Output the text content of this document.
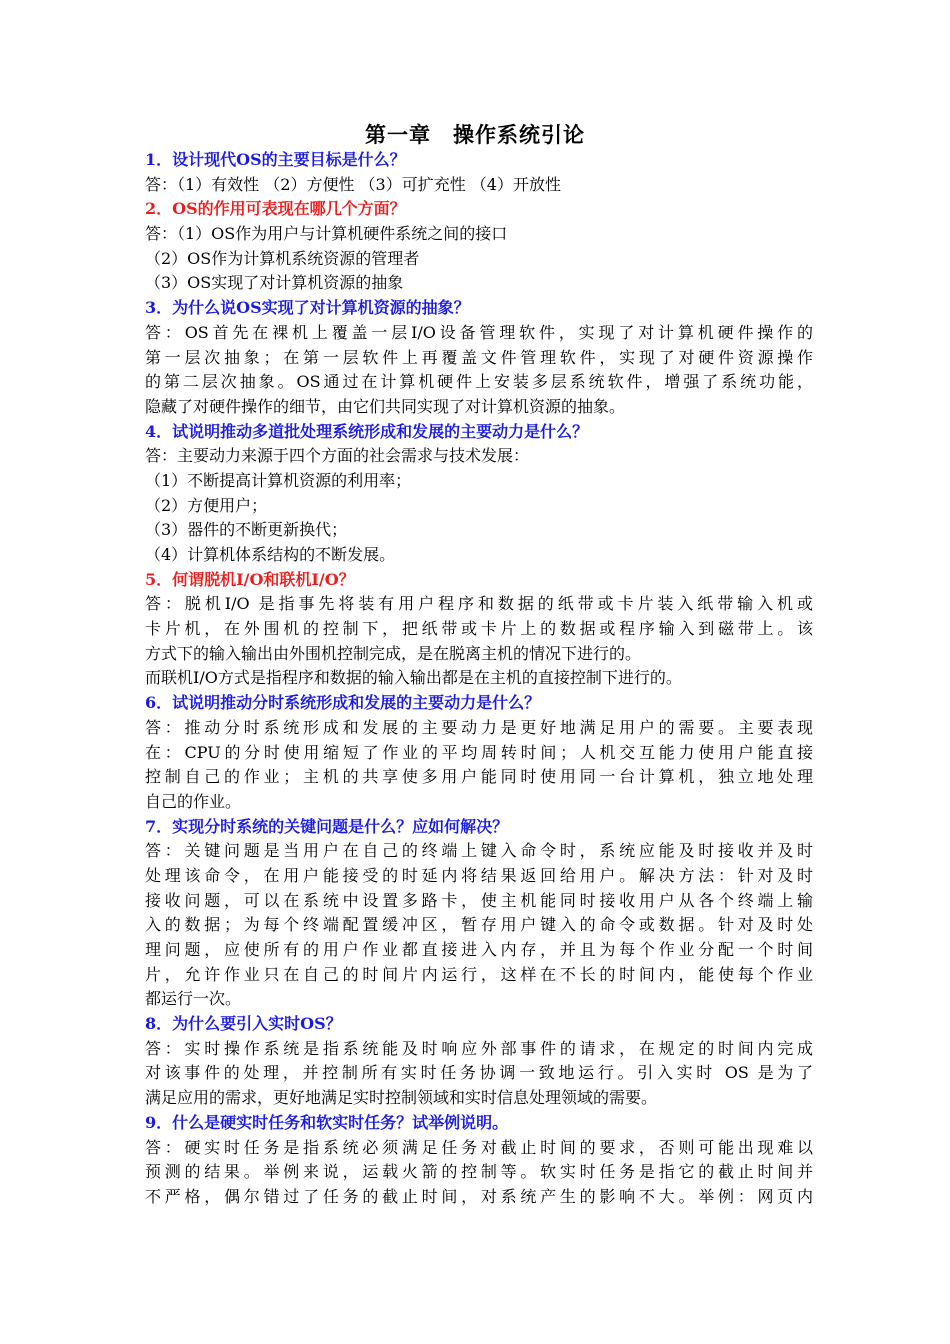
第一章 操作系统引论
1．设计现代OS的主要目标是什么？
答：（1）有效性 （2）方便性 （3）可扩充性 （4）开放性
2．OS的作用可表现在哪几个方面？
答：（1）OS作为用户与计算机硬件系统之间的接口
（2）OS作为计算机系统资源的管理者
（3）OS实现了对计算机资源的抽象
3．为什么说OS实现了对计算机资源的抽象？
答：OS首先在裸机上覆盖一层I/O设备管理软件，实现了对计算机硬件操作的
第一层次抽象；在第一层软件上再覆盖文件管理软件，实现了对硬件资源操作
的第二层次抽象。OS通过在计算机硬件上安装多层系统软件，增强了系统功能，
隐藏了对硬件操作的细节，由它们共同实现了对计算机资源的抽象。
4．试说明推动多道批处理系统形成和发展的主要动力是什么？
答：主要动力来源于四个方面的社会需求与技术发展：
（1）不断提高计算机资源的利用率；
（2）方便用户；
（3）器件的不断更新换代；
（4）计算机体系结构的不断发展。
5．何谓脱机I/O和联机I/O？
答：脱机I/O 是指事先将装有用户程序和数据的纸带或卡片装入纸带输入机或
卡片机，在外围机的控制下，把纸带或卡片上的数据或程序输入到磁带上。该
方式下的输入输出由外围机控制完成，是在脱离主机的情况下进行的。
而联机I/O方式是指程序和数据的输入输出都是在主机的直接控制下进行的。
6．试说明推动分时系统形成和发展的主要动力是什么？
答：推动分时系统形成和发展的主要动力是更好地满足用户的需要。主要表现
在：CPU的分时使用缩短了作业的平均周转时间；人机交互能力使用户能直接
控制自己的作业；主机的共享使多用户能同时使用同一台计算机，独立地处理
自己的作业。
7．实现分时系统的关键问题是什么？应如何解决？
答：关键问题是当用户在自己的终端上键入命令时，系统应能及时接收并及时
处理该命令，在用户能接受的时延内将结果返回给用户。解决方法：针对及时
接收问题，可以在系统中设置多路卡，使主机能同时接收用户从各个终端上输
入的数据；为每个终端配置缓冲区，暂存用户键入的命令或数据。针对及时处
理问题，应使所有的用户作业都直接进入内存，并且为每个作业分配一个时间
片，允许作业只在自己的时间片内运行，这样在不长的时间内，能使每个作业
都运行一次。
8．为什么要引入实时OS？
答：实时操作系统是指系统能及时响应外部事件的请求，在规定的时间内完成
对该事件的处理，并控制所有实时任务协调一致地运行。引入实时 OS 是为了
满足应用的需求，更好地满足实时控制领域和实时信息处理领域的需要。
9．什么是硬实时任务和软实时任务？试举例说明。
答：硬实时任务是指系统必须满足任务对截止时间的要求，否则可能出现难以
预测的结果。举例来说，运载火箭的控制等。软实时任务是指它的截止时间并
不严格，偶尔错过了任务的截止时间，对系统产生的影响不大。举例：网页内
